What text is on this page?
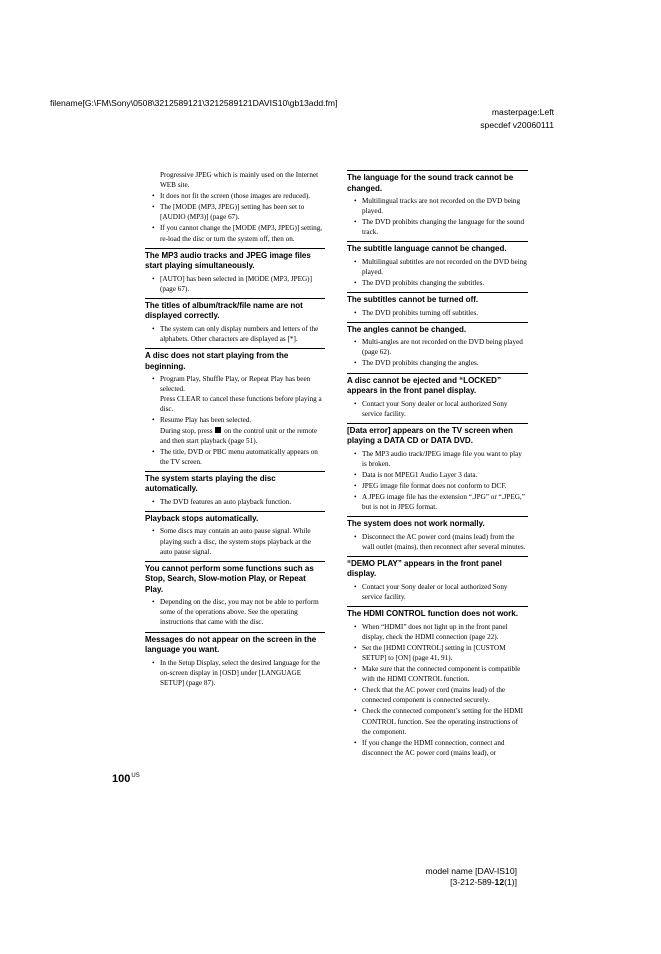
filename[G:\FM\Sony\0508\3212589121\3212589121DAVIS10\gb13add.fm]
masterpage:Left
specdef v20060111
Progressive JPEG which is mainly used on the Internet WEB site.
• It does not fit the screen (those images are reduced).
• The [MODE (MP3, JPEG)] setting has been set to [AUDIO (MP3)] (page 67).
• If you cannot change the [MODE (MP3, JPEG)] setting, re-load the disc or turn the system off, then on.
The MP3 audio tracks and JPEG image files start playing simultaneously.
• [AUTO] has been selected in [MODE (MP3, JPEG)] (page 67).
The titles of album/track/file name are not displayed correctly.
• The system can only display numbers and letters of the alphabets. Other characters are displayed as [*].
A disc does not start playing from the beginning.
• Program Play, Shuffle Play, or Repeat Play has been selected.
Press CLEAR to cancel these functions before playing a disc.
• Resume Play has been selected.
During stop, press on the control unit or the remote and then start playback (page 51).
• The title, DVD or PBC menu automatically appears on the TV screen.
The system starts playing the disc automatically.
• The DVD features an auto playback function.
Playback stops automatically.
• Some discs may contain an auto pause signal. While playing such a disc, the system stops playback at the auto pause signal.
You cannot perform some functions such as Stop, Search, Slow-motion Play, or Repeat Play.
• Depending on the disc, you may not be able to perform some of the operations above. See the operating instructions that came with the disc.
Messages do not appear on the screen in the language you want.
• In the Setup Display, select the desired language for the on-screen display in [OSD] under [LANGUAGE SETUP] (page 87).
The language for the sound track cannot be changed.
• Multilingual tracks are not recorded on the DVD being played.
• The DVD prohibits changing the language for the sound track.
The subtitle language cannot be changed.
• Multilingual subtitles are not recorded on the DVD being played.
• The DVD prohibits changing the subtitles.
The subtitles cannot be turned off.
• The DVD prohibits turning off subtitles.
The angles cannot be changed.
• Multi-angles are not recorded on the DVD being played (page 62).
• The DVD prohibits changing the angles.
A disc cannot be ejected and “LOCKED” appears in the front panel display.
• Contact your Sony dealer or local authorized Sony service facility.
[Data error] appears on the TV screen when playing a DATA CD or DATA DVD.
• The MP3 audio track/JPEG image file you want to play is broken.
• Data is not MPEG1 Audio Layer 3 data.
• JPEG image file format does not conform to DCF.
• A JPEG image file has the extension “.JPG” or “.JPEG,” but is not in JPEG format.
The system does not work normally.
• Disconnect the AC power cord (mains lead) from the wall outlet (mains), then reconnect after several minutes.
“DEMO PLAY” appears in the front panel display.
• Contact your Sony dealer or local authorized Sony service facility.
The HDMI CONTROL function does not work.
• When “HDMI” does not light up in the front panel display, check the HDMI connection (page 22).
• Set the [HDMI CONTROL] setting in [CUSTOM SETUP] to [ON] (page 41, 91).
• Make sure that the connected component is compatible with the HDMI CONTROL function.
• Check that the AC power cord (mains lead) of the connected component is connected securely.
• Check the connected component’s setting for the HDMI CONTROL function. See the operating instructions of the component.
• If you change the HDMI connection, connect and disconnect the AC power cord (mains lead), or
$100^{US}$
model name [DAV-IS10]
[3-212-589-12(1)]
